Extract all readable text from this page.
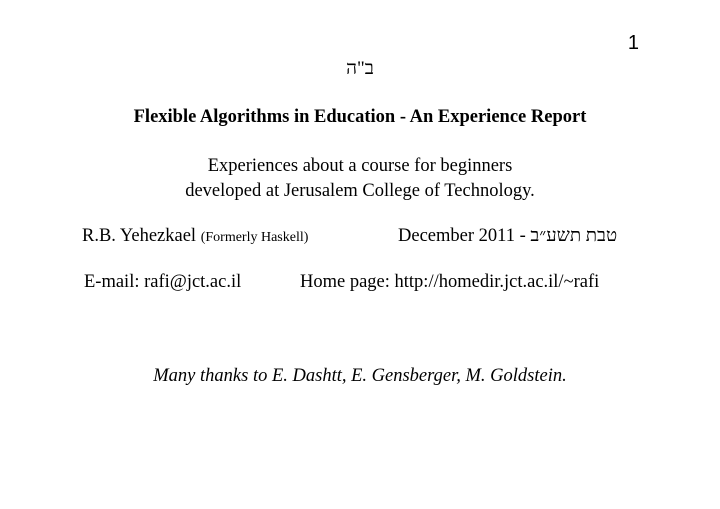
1
ב"ה
Flexible Algorithms in Education - An Experience Report
Experiences about a course for beginners
developed at Jerusalem College of Technology.
R.B. Yehezkael (Formerly Haskell)	December 2011 - טבת תשע״ב
E-mail: rafi@jct.ac.il	Home page: http://homedir.jct.ac.il/~rafi
Many thanks to E. Dashtt, E. Gensberger, M. Goldstein.
